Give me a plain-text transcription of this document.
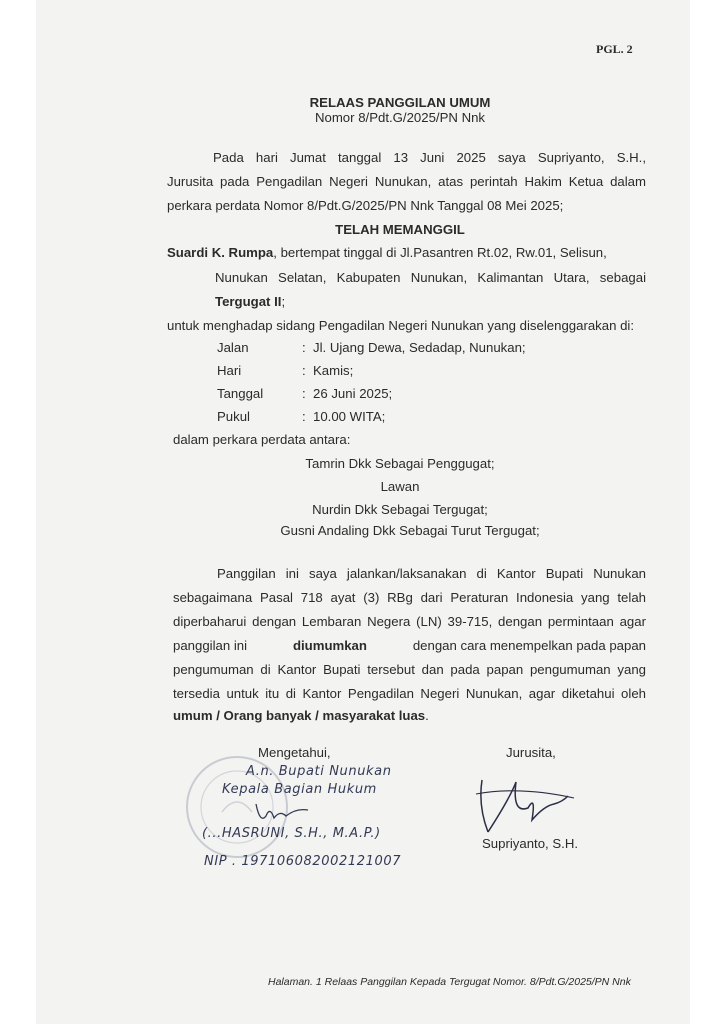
PGL. 2
RELAAS PANGGILAN UMUM
Nomor 8/Pdt.G/2025/PN Nnk
Pada hari Jumat tanggal 13 Juni 2025 saya Supriyanto, S.H.,
Jurusita pada Pengadilan Negeri Nunukan, atas perintah Hakim Ketua dalam
perkara perdata Nomor 8/Pdt.G/2025/PN Nnk Tanggal 08 Mei 2025;
TELAH MEMANGGIL
Suardi K. Rumpa, bertempat tinggal di Jl.Pasantren Rt.02, Rw.01, Selisun,
Nunukan Selatan, Kabupaten Nunukan, Kalimantan Utara, sebagai
Tergugat II;
untuk menghadap sidang Pengadilan Negeri Nunukan yang diselenggarakan di:
Jalan	: Jl. Ujang Dewa, Sedadap, Nunukan;
Hari	: Kamis;
Tanggal	: 26 Juni 2025;
Pukul	: 10.00 WITA;
dalam perkara perdata antara:
Tamrin Dkk Sebagai Penggugat;
Lawan
Nurdin Dkk Sebagai Tergugat;
Gusni Andaling Dkk Sebagai Turut Tergugat;
Panggilan ini saya jalankan/laksanakan di Kantor Bupati Nunukan
sebagaimana Pasal 718 ayat (3) RBg dari Peraturan Indonesia yang telah
diperbaharui dengan Lembaran Negera (LN) 39-715, dengan permintaan agar
panggilan ini	diumumkan	dengan cara menempelkan pada papan
pengumuman di Kantor Bupati tersebut dan pada papan pengumuman yang
tersedia untuk itu di Kantor Pengadilan Negeri Nunukan, agar diketahui oleh
umum / Orang banyak / masyarakat luas.
Mengetahui,
A.n. Bupati Nunukan
Kepala Bagian Hukum
(...HASRUNI, S.H., M.A.P.)
NIP . 197106082002121007
Jurusita,
Supriyanto, S.H.
Halaman. 1 Relaas Panggilan Kepada Tergugat Nomor. 8/Pdt.G/2025/PN Nnk
